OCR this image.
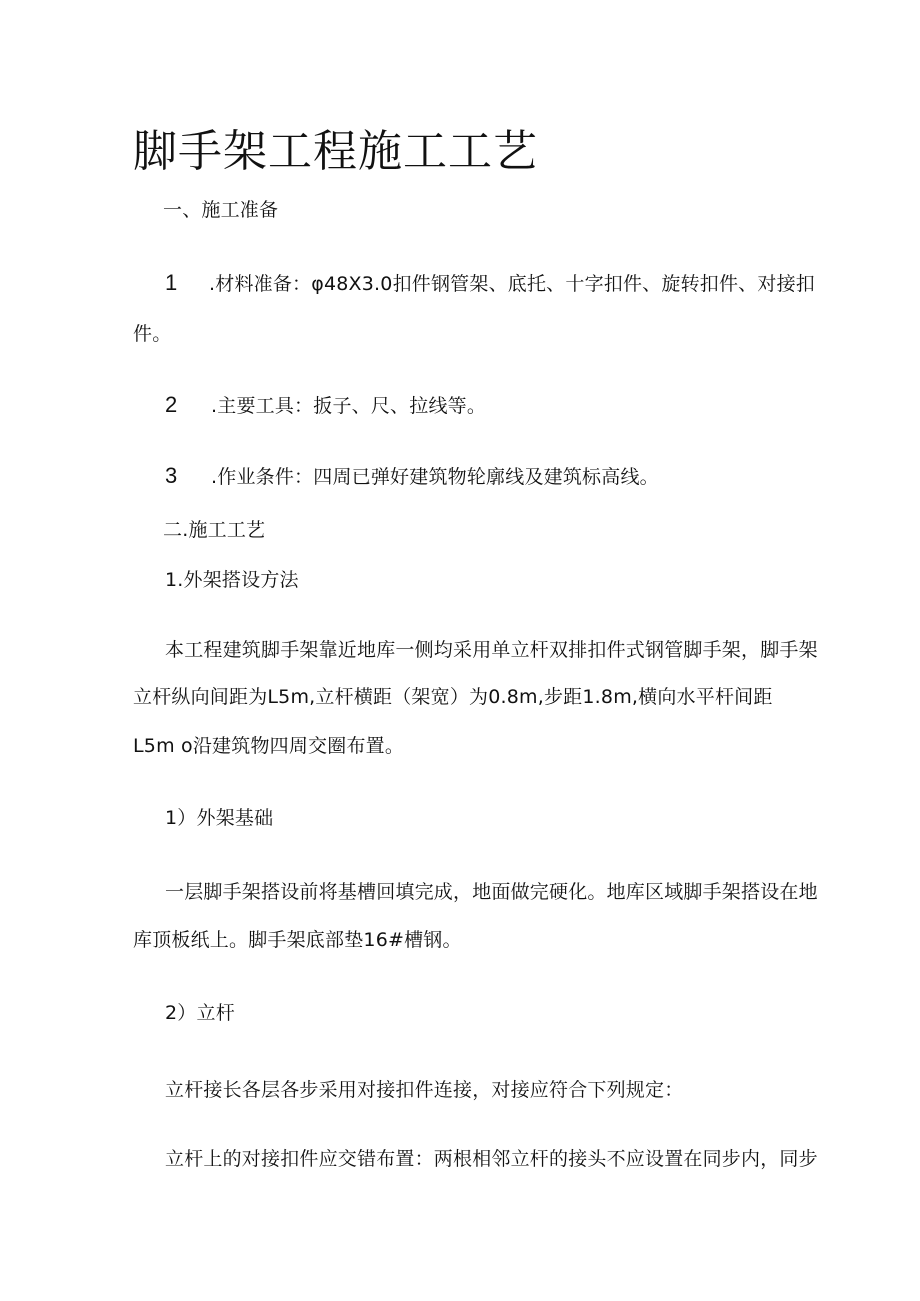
脚手架工程施工工艺
一、施工准备
1 .材料准备：φ48X3.0扣件钢管架、底托、十字扣件、旋转扣件、对接扣
件。
2 .主要工具：扳子、尺、拉线等。
3 .作业条件：四周已弹好建筑物轮廓线及建筑标高线。
二.施工工艺
1.外架搭设方法
本工程建筑脚手架靠近地库一侧均采用单立杆双排扣件式钢管脚手架，脚手架
立杆纵向间距为L5m,立杆横距（架宽）为0.8m,步距1.8m,横向水平杆间距
L5m o沿建筑物四周交圈布置。
1）外架基础
一层脚手架搭设前将基槽回填完成，地面做完硬化。地库区域脚手架搭设在地
库顶板纸上。脚手架底部垫16#槽钢。
2）立杆
立杆接长各层各步采用对接扣件连接，对接应符合下列规定：
立杆上的对接扣件应交错布置：两根相邻立杆的接头不应设置在同步内，同步
